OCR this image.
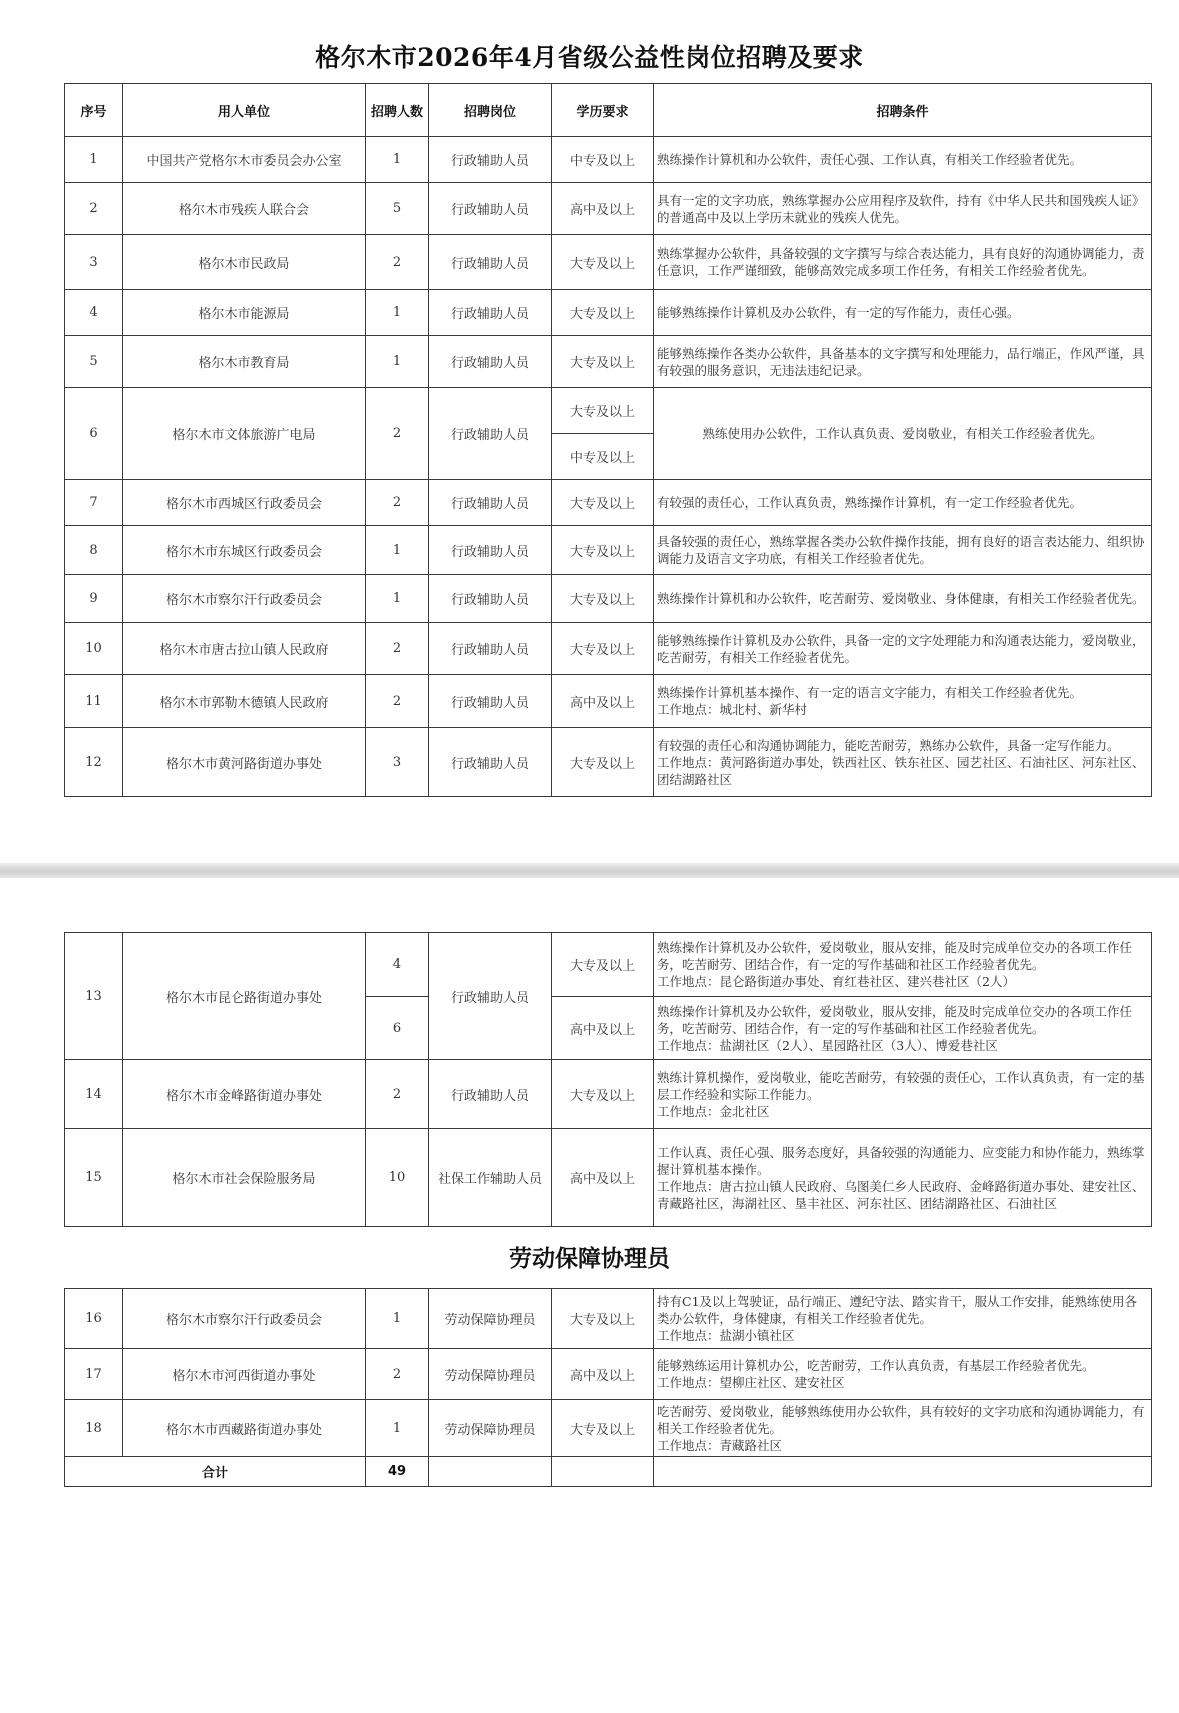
格尔木市2026年4月省级公益性岗位招聘及要求
序号	用人单位	招聘人数	招聘岗位	学历要求	招聘条件
1	中国共产党格尔木市委员会办公室	1	行政辅助人员	中专及以上	熟练操作计算机和办公软件，责任心强、工作认真，有相关工作经验者优先。

2	格尔木市残疾人联合会	5	行政辅助人员	高中及以上	具有一定的文字功底，熟练掌握办公应用程序及软件，持有《中华人民共和国残疾人证》的普通高中及以上学历未就业的残疾人优先。

3	格尔木市民政局	2	行政辅助人员	大专及以上	熟练掌握办公软件，具备较强的文字撰写与综合表达能力，具有良好的沟通协调能力，责任意识，工作严谨细致，能够高效完成多项工作任务，有相关工作经验者优先。

4	格尔木市能源局	1	行政辅助人员	大专及以上	能够熟练操作计算机及办公软件，有一定的写作能力，责任心强。

5	格尔木市教育局	1	行政辅助人员	大专及以上	能够熟练操作各类办公软件，具备基本的文字撰写和处理能力，品行端正，作风严谨，具有较强的服务意识，无违法违纪记录。

6	格尔木市文体旅游广电局	2	行政辅助人员	大专及以上	熟练使用办公软件，工作认真负责、爱岗敬业，有相关工作经验者优先。

				中专及以上	
7	格尔木市西城区行政委员会	2	行政辅助人员	大专及以上	有较强的责任心，工作认真负责，熟练操作计算机，有一定工作经验者优先。

8	格尔木市东城区行政委员会	1	行政辅助人员	大专及以上	具备较强的责任心，熟练掌握各类办公软件操作技能，拥有良好的语言表达能力、组织协调能力及语言文字功底，有相关工作经验者优先。

9	格尔木市察尔汗行政委员会	1	行政辅助人员	大专及以上	熟练操作计算机和办公软件，吃苦耐劳、爱岗敬业、身体健康，有相关工作经验者优先。

10	格尔木市唐古拉山镇人民政府	2	行政辅助人员	大专及以上	能够熟练操作计算机及办公软件，具备一定的文字处理能力和沟通表达能力，爱岗敬业，吃苦耐劳，有相关工作经验者优先。

11	格尔木市郭勒木德镇人民政府	2	行政辅助人员	高中及以上	熟练操作计算机基本操作、有一定的语言文字能力，有相关工作经验者优先。
工作地点：城北村、新华村

12	格尔木市黄河路街道办事处	3	行政辅助人员	大专及以上	有较强的责任心和沟通协调能力，能吃苦耐劳，熟练办公软件，具备一定写作能力。
工作地点：黄河路街道办事处，铁西社区、铁东社区、园艺社区、石油社区、河东社区、团结湖路社区
13	格尔木市昆仑路街道办事处	4	行政辅助人员	大专及以上	熟练操作计算机及办公软件，爱岗敬业，服从安排，能及时完成单位交办的各项工作任务，吃苦耐劳、团结合作，有一定的写作基础和社区工作经验者优先。
工作地点：昆仑路街道办事处、育红巷社区、建兴巷社区（2人）

		6		高中及以上	熟练操作计算机及办公软件，爱岗敬业，服从安排，能及时完成单位交办的各项工作任务，吃苦耐劳、团结合作，有一定的写作基础和社区工作经验者优先。
工作地点：盐湖社区（2人）、星园路社区（3人）、博爱巷社区

14	格尔木市金峰路街道办事处	2	行政辅助人员	大专及以上	熟练计算机操作，爱岗敬业，能吃苦耐劳，有较强的责任心，工作认真负责，有一定的基层工作经验和实际工作能力。
工作地点：金北社区

15	格尔木市社会保险服务局	10	社保工作辅助人员	高中及以上	工作认真、责任心强、服务态度好，具备较强的沟通能力、应变能力和协作能力，熟练掌握计算机基本操作。
工作地点：唐古拉山镇人民政府、乌图美仁乡人民政府、金峰路街道办事处、建安社区、青藏路社区，海湖社区、垦丰社区、河东社区、团结湖路社区、石油社区
劳动保障协理员
16	格尔木市察尔汗行政委员会	1	劳动保障协理员	大专及以上	持有C1及以上驾驶证，品行端正、遵纪守法、踏实肯干，服从工作安排，能熟练使用各类办公软件，身体健康，有相关工作经验者优先。
工作地点：盐湖小镇社区

17	格尔木市河西街道办事处	2	劳动保障协理员	高中及以上	能够熟练运用计算机办公，吃苦耐劳，工作认真负责，有基层工作经验者优先。
工作地点：望柳庄社区、建安社区

18	格尔木市西藏路街道办事处	1	劳动保障协理员	大专及以上	吃苦耐劳、爱岗敬业，能够熟练使用办公软件，具有较好的文字功底和沟通协调能力，有相关工作经验者优先。
工作地点：青藏路社区

合计		49			
